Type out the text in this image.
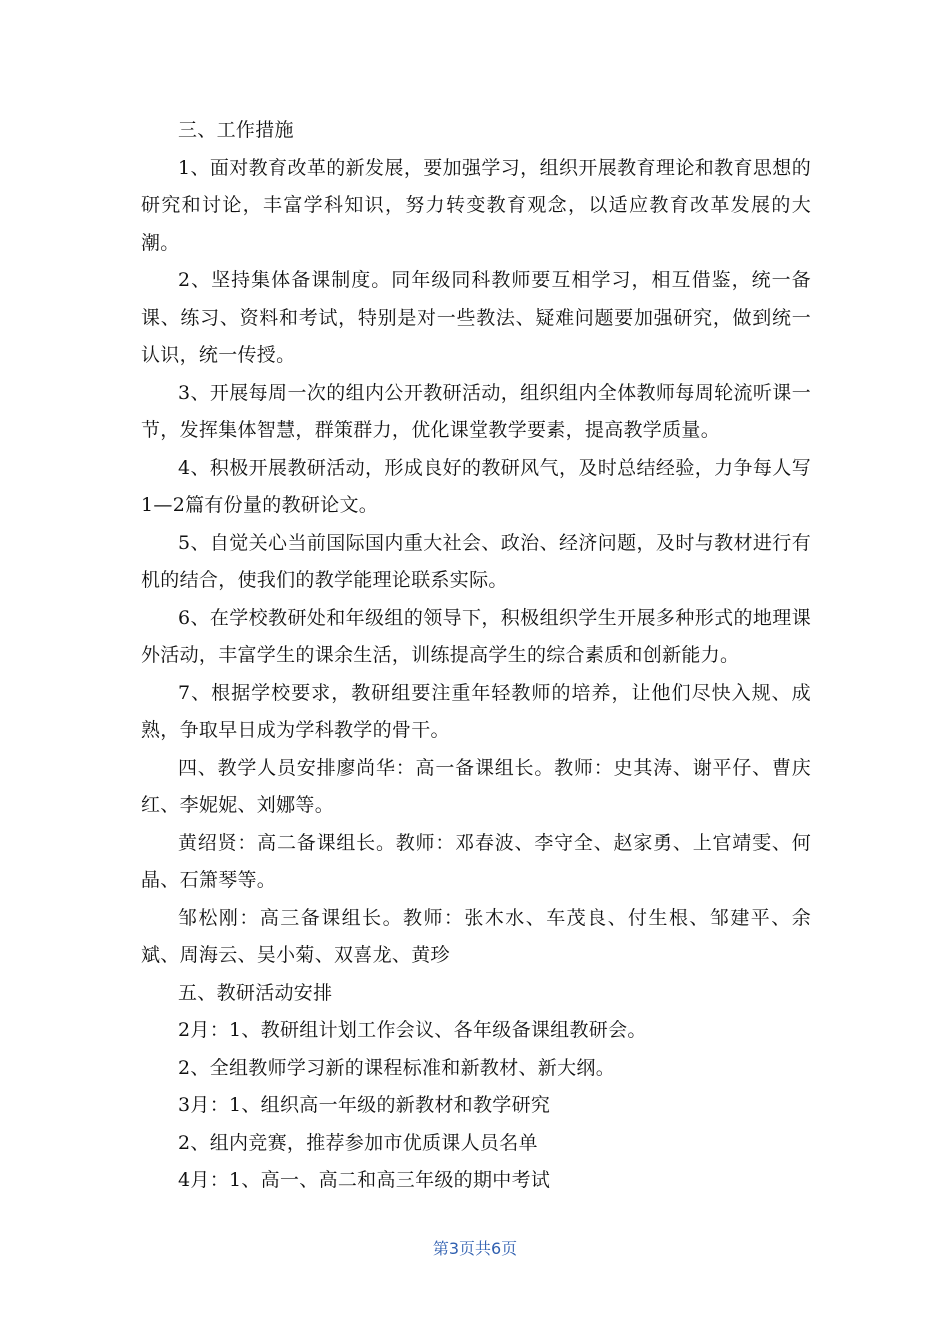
三、工作措施

1、面对教育改革的新发展，要加强学习，组织开展教育理论和教育思想的研究和讨论，丰富学科知识，努力转变教育观念，以适应教育改革发展的大潮。

2、坚持集体备课制度。同年级同科教师要互相学习，相互借鉴，统一备课、练习、资料和考试，特别是对一些教法、疑难问题要加强研究，做到统一认识，统一传授。

3、开展每周一次的组内公开教研活动，组织组内全体教师每周轮流听课一节，发挥集体智慧，群策群力，优化课堂教学要素，提高教学质量。

4、积极开展教研活动，形成良好的教研风气，及时总结经验，力争每人写1—2篇有份量的教研论文。

5、自觉关心当前国际国内重大社会、政治、经济问题，及时与教材进行有机的结合，使我们的教学能理论联系实际。

6、在学校教研处和年级组的领导下，积极组织学生开展多种形式的地理课外活动，丰富学生的课余生活，训练提高学生的综合素质和创新能力。

7、根据学校要求，教研组要注重年轻教师的培养，让他们尽快入规、成熟，争取早日成为学科教学的骨干。

四、教学人员安排廖尚华：高一备课组长。教师：史其涛、谢平仔、曹庆红、李妮妮、刘娜等。

黄绍贤：高二备课组长。教师：邓春波、李守全、赵家勇、上官靖雯、何晶、石箫琴等。

邹松刚：高三备课组长。教师：张木水、车茂良、付生根、邹建平、余斌、周海云、吴小菊、双喜龙、黄珍

五、教研活动安排

2月：1、教研组计划工作会议、各年级备课组教研会。

2、全组教师学习新的课程标准和新教材、新大纲。

3月：1、组织高一年级的新教材和教学研究

2、组内竞赛，推荐参加市优质课人员名单

4月：1、高一、高二和高三年级的期中考试

第3页共6页
